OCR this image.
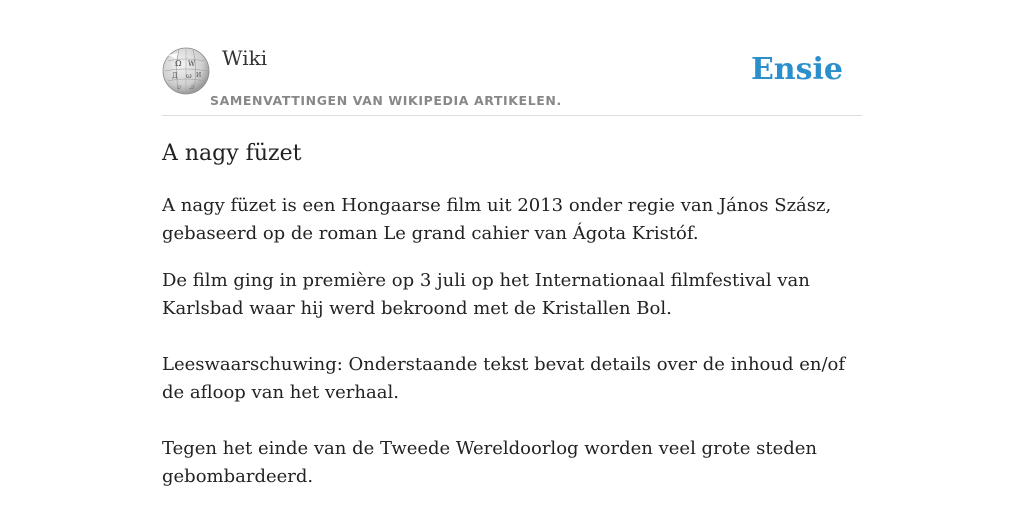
Ω W
Д ω И
ש ك
Wiki
SAMENVATTINGEN VAN WIKIPEDIA ARTIKELEN.
Ensie
A nagy füzet

A nagy füzet is een Hongaarse film uit 2013 onder regie van János Szász, gebaseerd op de roman Le grand cahier van Ágota Kristóf.

De film ging in première op 3 juli op het Internationaal filmfestival van Karlsbad waar hij werd bekroond met de Kristallen Bol.

Leeswaarschuwing: Onderstaande tekst bevat details over de inhoud en/of de afloop van het verhaal.

Tegen het einde van de Tweede Wereldoorlog worden veel grote steden gebombardeerd.
